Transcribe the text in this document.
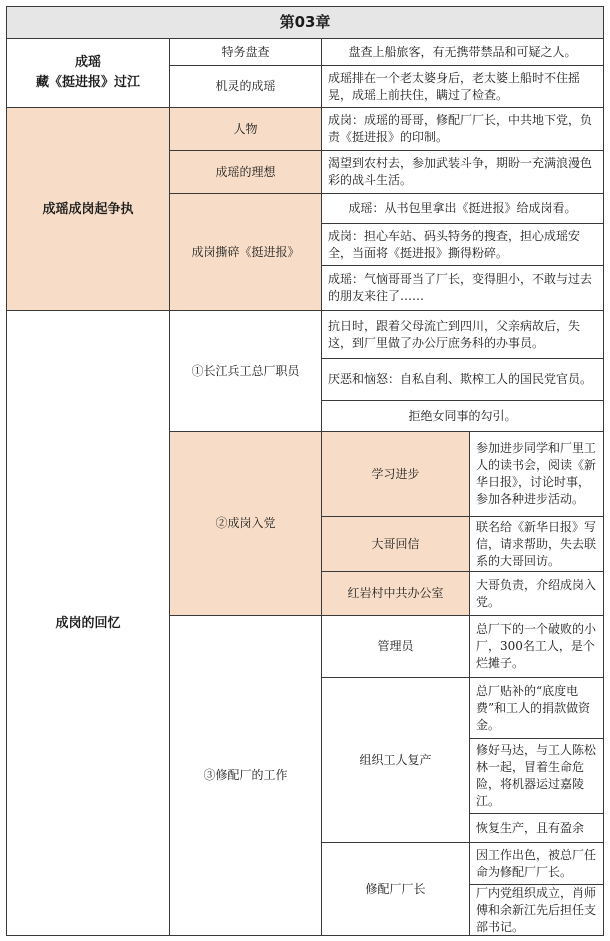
第03章
成瑶
藏《挺进报》过江
特务盘查	盘查上船旅客，有无携带禁品和可疑之人。
机灵的成瑶
成瑶排在一个老太婆身后，老太婆上船时不住摇晃，成瑶上前扶住，瞒过了检查。
成瑶成岗起争执
人物
成岗：成瑶的哥哥，修配厂厂长，中共地下党，负责《挺进报》的印制。
成瑶的理想
渴望到农村去，参加武装斗争，期盼一充满浪漫色彩的战斗生活。
成岗撕碎《挺进报》
成瑶：从书包里拿出《挺进报》给成岗看。
成岗：担心车站、码头特务的搜查，担心成瑶安全，当面将《挺进报》撕得粉碎。
成瑶：气恼哥哥当了厂长，变得胆小，不敢与过去的朋友来往了……
成岗的回忆
①长江兵工总厂职员
抗日时，跟着父母流亡到四川，父亲病故后，失这，到厂里做了办公厅庶务科的办事员。
厌恶和恼怒：自私自利、欺榨工人的国民党官员。
拒绝女同事的勾引。
②成岗入党
学习进步
参加进步同学和厂里工人的读书会，阅读《新华日报》，讨论时事，参加各种进步活动。
大哥回信
联名给《新华日报》写信，请求帮助，失去联系的大哥回访。
红岩村中共办公室
大哥负责，介绍成岗入党。
③修配厂的工作
管理员
总厂下的一个破败的小厂，300名工人，是个烂摊子。
组织工人复产
总厂贴补的“底度电费”和工人的捐款做资金。
修好马达，与工人陈松林一起，冒着生命危险，将机器运过嘉陵江。
恢复生产，且有盈余
修配厂厂长
因工作出色，被总厂任命为修配厂厂长。
厂内党组织成立，肖师傅和余新江先后担任支部书记。
